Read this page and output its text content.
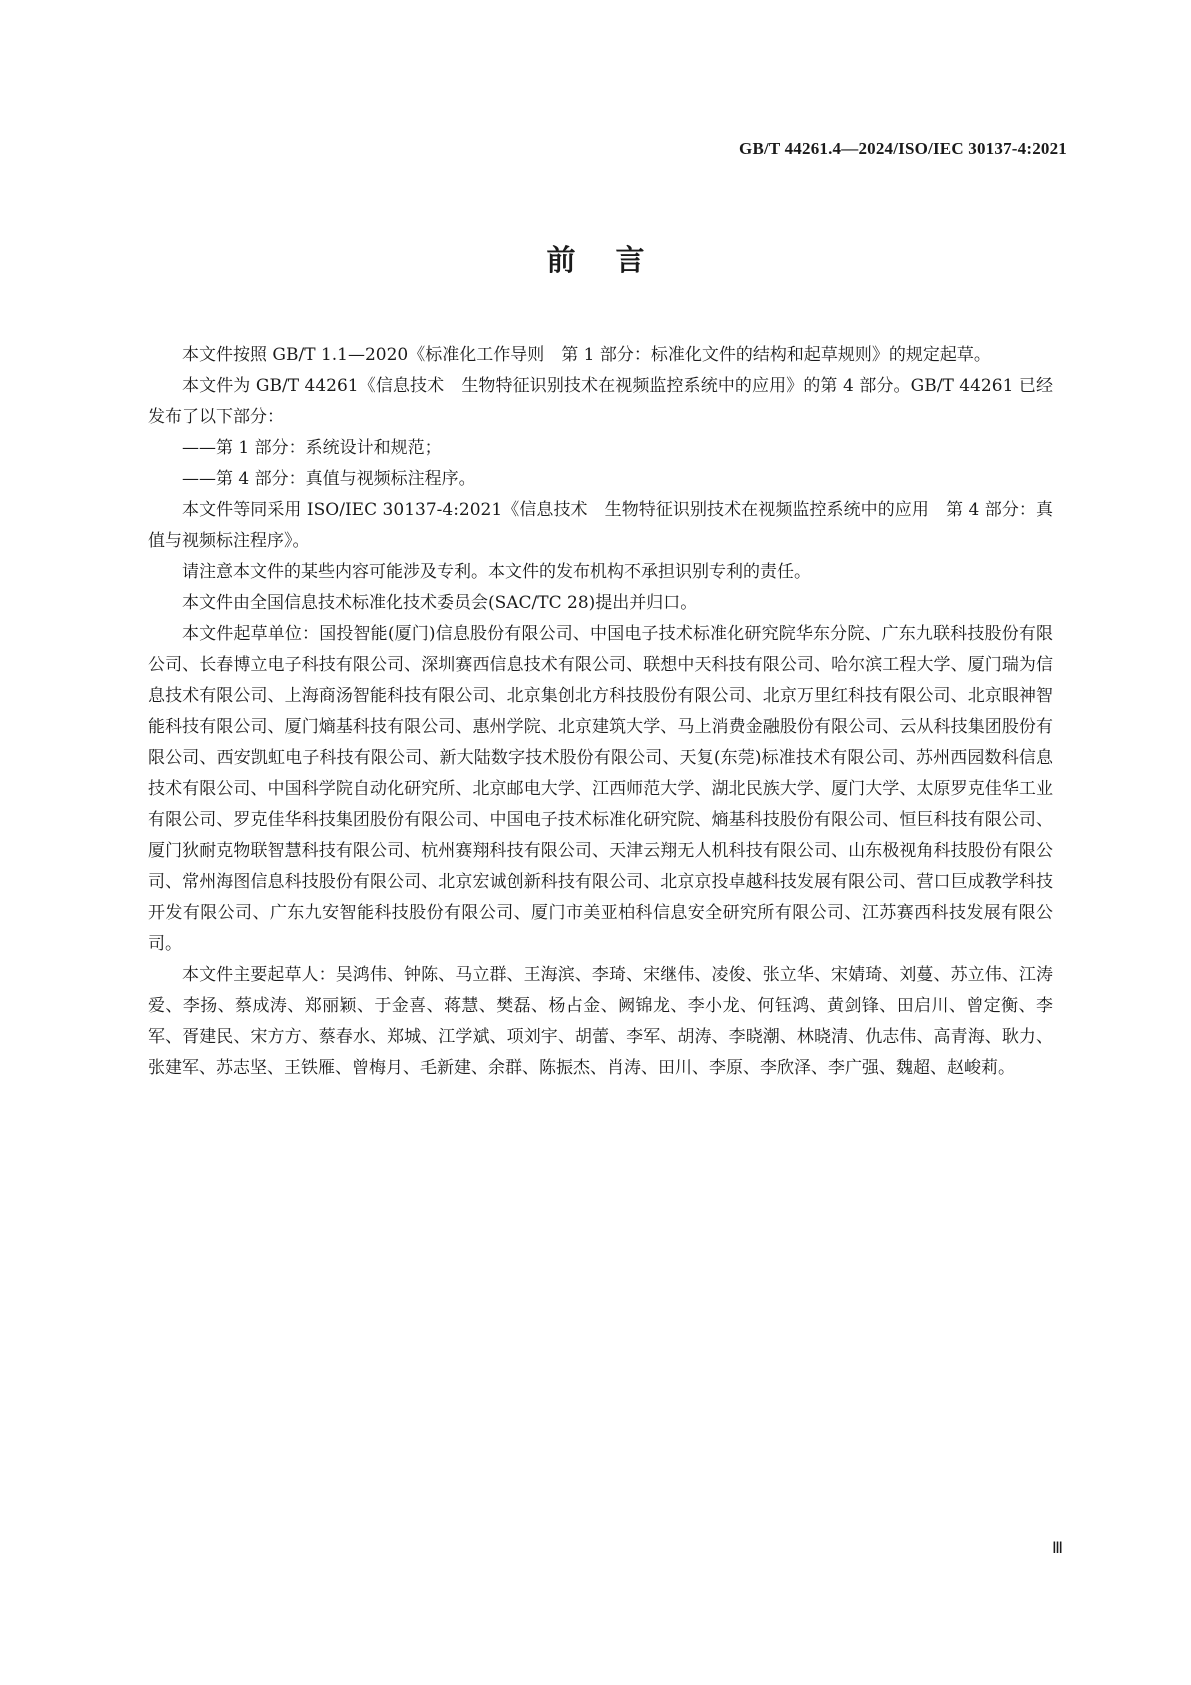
GB/T 44261.4—2024/ISO/IEC 30137-4:2021
前言

本文件按照 GB/T 1.1—2020《标准化工作导则　第 1 部分：标准化文件的结构和起草规则》的规定起草。

本文件为 GB/T 44261《信息技术　生物特征识别技术在视频监控系统中的应用》的第 4 部分。GB/T 44261 已经发布了以下部分：

——第 1 部分：系统设计和规范；

——第 4 部分：真值与视频标注程序。

本文件等同采用 ISO/IEC 30137-4:2021《信息技术　生物特征识别技术在视频监控系统中的应用　第 4 部分：真值与视频标注程序》。

请注意本文件的某些内容可能涉及专利。本文件的发布机构不承担识别专利的责任。

本文件由全国信息技术标准化技术委员会(SAC/TC 28)提出并归口。

本文件起草单位：国投智能(厦门)信息股份有限公司、中国电子技术标准化研究院华东分院、广东九联科技股份有限公司、长春博立电子科技有限公司、深圳赛西信息技术有限公司、联想中天科技有限公司、哈尔滨工程大学、厦门瑞为信息技术有限公司、上海商汤智能科技有限公司、北京集创北方科技股份有限公司、北京万里红科技有限公司、北京眼神智能科技有限公司、厦门熵基科技有限公司、惠州学院、北京建筑大学、马上消费金融股份有限公司、云从科技集团股份有限公司、西安凯虹电子科技有限公司、新大陆数字技术股份有限公司、天复(东莞)标准技术有限公司、苏州西园数科信息技术有限公司、中国科学院自动化研究所、北京邮电大学、江西师范大学、湖北民族大学、厦门大学、太原罗克佳华工业有限公司、罗克佳华科技集团股份有限公司、中国电子技术标准化研究院、熵基科技股份有限公司、恒巨科技有限公司、厦门狄耐克物联智慧科技有限公司、杭州赛翔科技有限公司、天津云翔无人机科技有限公司、山东极视角科技股份有限公司、常州海图信息科技股份有限公司、北京宏诚创新科技有限公司、北京京投卓越科技发展有限公司、营口巨成教学科技开发有限公司、广东九安智能科技股份有限公司、厦门市美亚柏科信息安全研究所有限公司、江苏赛西科技发展有限公司。

本文件主要起草人：吴鸿伟、钟陈、马立群、王海滨、李琦、宋继伟、凌俊、张立华、宋婧琦、刘蔓、苏立伟、江涛爱、李扬、蔡成涛、郑丽颖、于金喜、蒋慧、樊磊、杨占金、阙锦龙、李小龙、何钰鸿、黄剑锋、田启川、曾定衡、李军、胥建民、宋方方、蔡春水、郑城、江学斌、项刘宇、胡蕾、李军、胡涛、李晓潮、林晓清、仇志伟、高青海、耿力、张建军、苏志坚、王铁雁、曾梅月、毛新建、余群、陈振杰、肖涛、田川、李原、李欣泽、李广强、魏超、赵峻莉。

Ⅲ
